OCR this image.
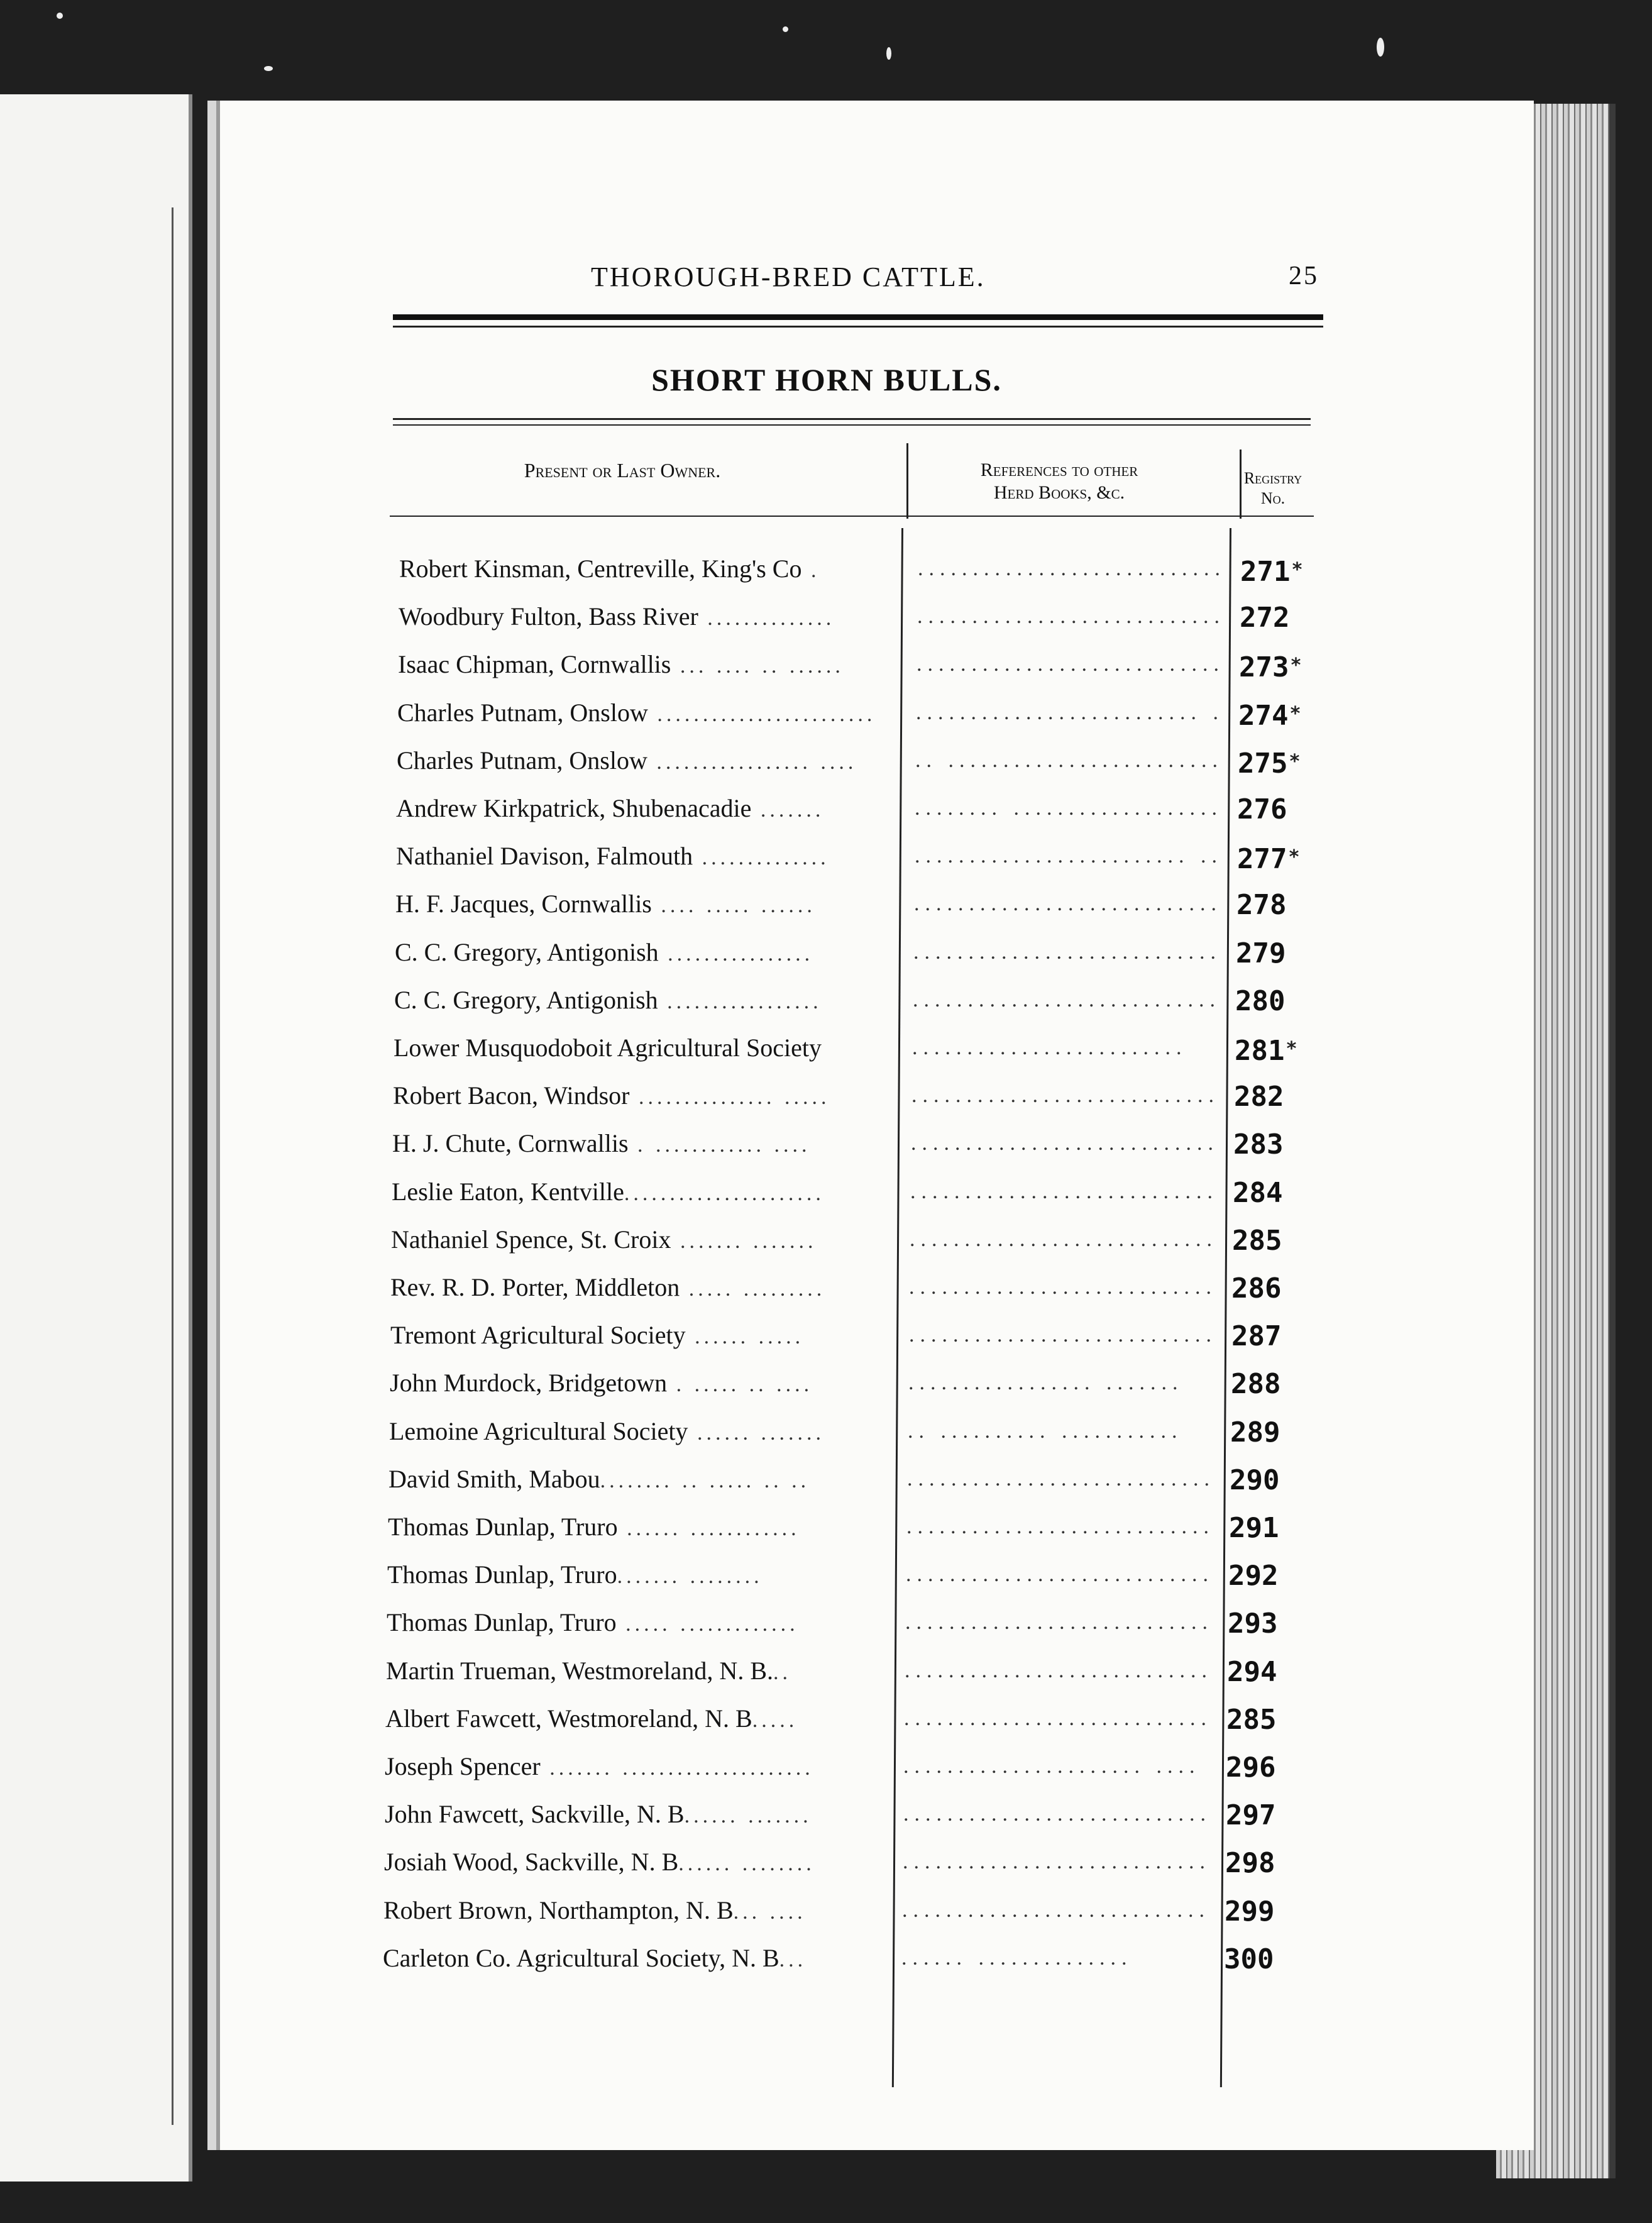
THOROUGH-BRED CATTLE.	25
SHORT HORN BULLS.
Present or Last Owner.	References to other
Herd Books, &c.
Registry
No.
Robert Kinsman, Centreville, King's Co .	............................ 271*
Woodbury Fulton, Bass River ..............	............................ 272
Isaac Chipman, Cornwallis ... .... .. ......	............................ 273*
Charles Putnam, Onslow ........................	.......................... . 274*
Charles Putnam, Onslow ................. ....	.. ......................... 275*
Andrew Kirkpatrick, Shubenacadie .......	........ ................... 276
Nathaniel Davison, Falmouth ..............	......................... .. 277*
H. F. Jacques, Cornwallis .... ..... ......	............................ 278
C. C. Gregory, Antigonish ................	............................ 279
C. C. Gregory, Antigonish .................	............................ 280
Lower Musquodoboit Agricultural Society	.........................	281*
Robert Bacon, Windsor ............... .....	............................ 282
H. J. Chute, Cornwallis . ............ ....	............................ 283
Leslie Eaton, Kentville......................	............................ 284
Nathaniel Spence, St. Croix ....... .......	............................ 285
Rev. R. D. Porter, Middleton ..... .........	............................ 286
Tremont Agricultural Society ...... .....	............................ 287
John Murdock, Bridgetown . ..... .. ....	................. .......	288
Lemoine Agricultural Society ...... .......	.. .......... ...........	289
David Smith, Mabou........ .. ..... .. ..	............................ 290
Thomas Dunlap, Truro ...... ............	............................ 291
Thomas Dunlap, Truro....... ........	............................ 292
Thomas Dunlap, Truro ..... .............	............................ 293
Martin Trueman, Westmoreland, N. B...	............................ 294
Albert Fawcett, Westmoreland, N. B.....	............................ 285
Joseph Spencer ....... .....................	...................... .... 296
John Fawcett, Sackville, N. B...... .......	............................ 297
Josiah Wood, Sackville, N. B...... ........	............................ 298
Robert Brown, Northampton, N. B... ....	............................ 299
Carleton Co. Agricultural Society, N. B...	...... ..............	300
